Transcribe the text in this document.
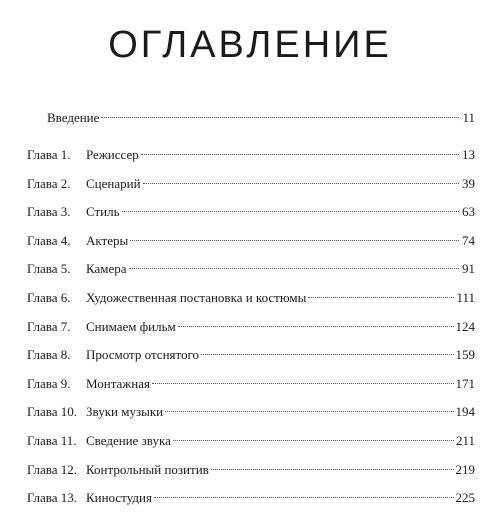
ОГЛАВЛЕНИЕ
Введение	11
Глава 1.	Режиссер	13
Глава 2.	Сценарий	39
Глава 3.	Стиль	63
Глава 4.	Актеры	74
Глава 5.	Камера	91
Глава 6.	Художественная постановка и костюмы	111
Глава 7.	Снимаем фильм	124
Глава 8.	Просмотр отснятого	159
Глава 9.	Монтажная	171
Глава 10. Звуки музыки	194
Глава 11. Сведение звука	211
Глава 12. Контрольный позитив	219
Глава 13. Киностудия	225
